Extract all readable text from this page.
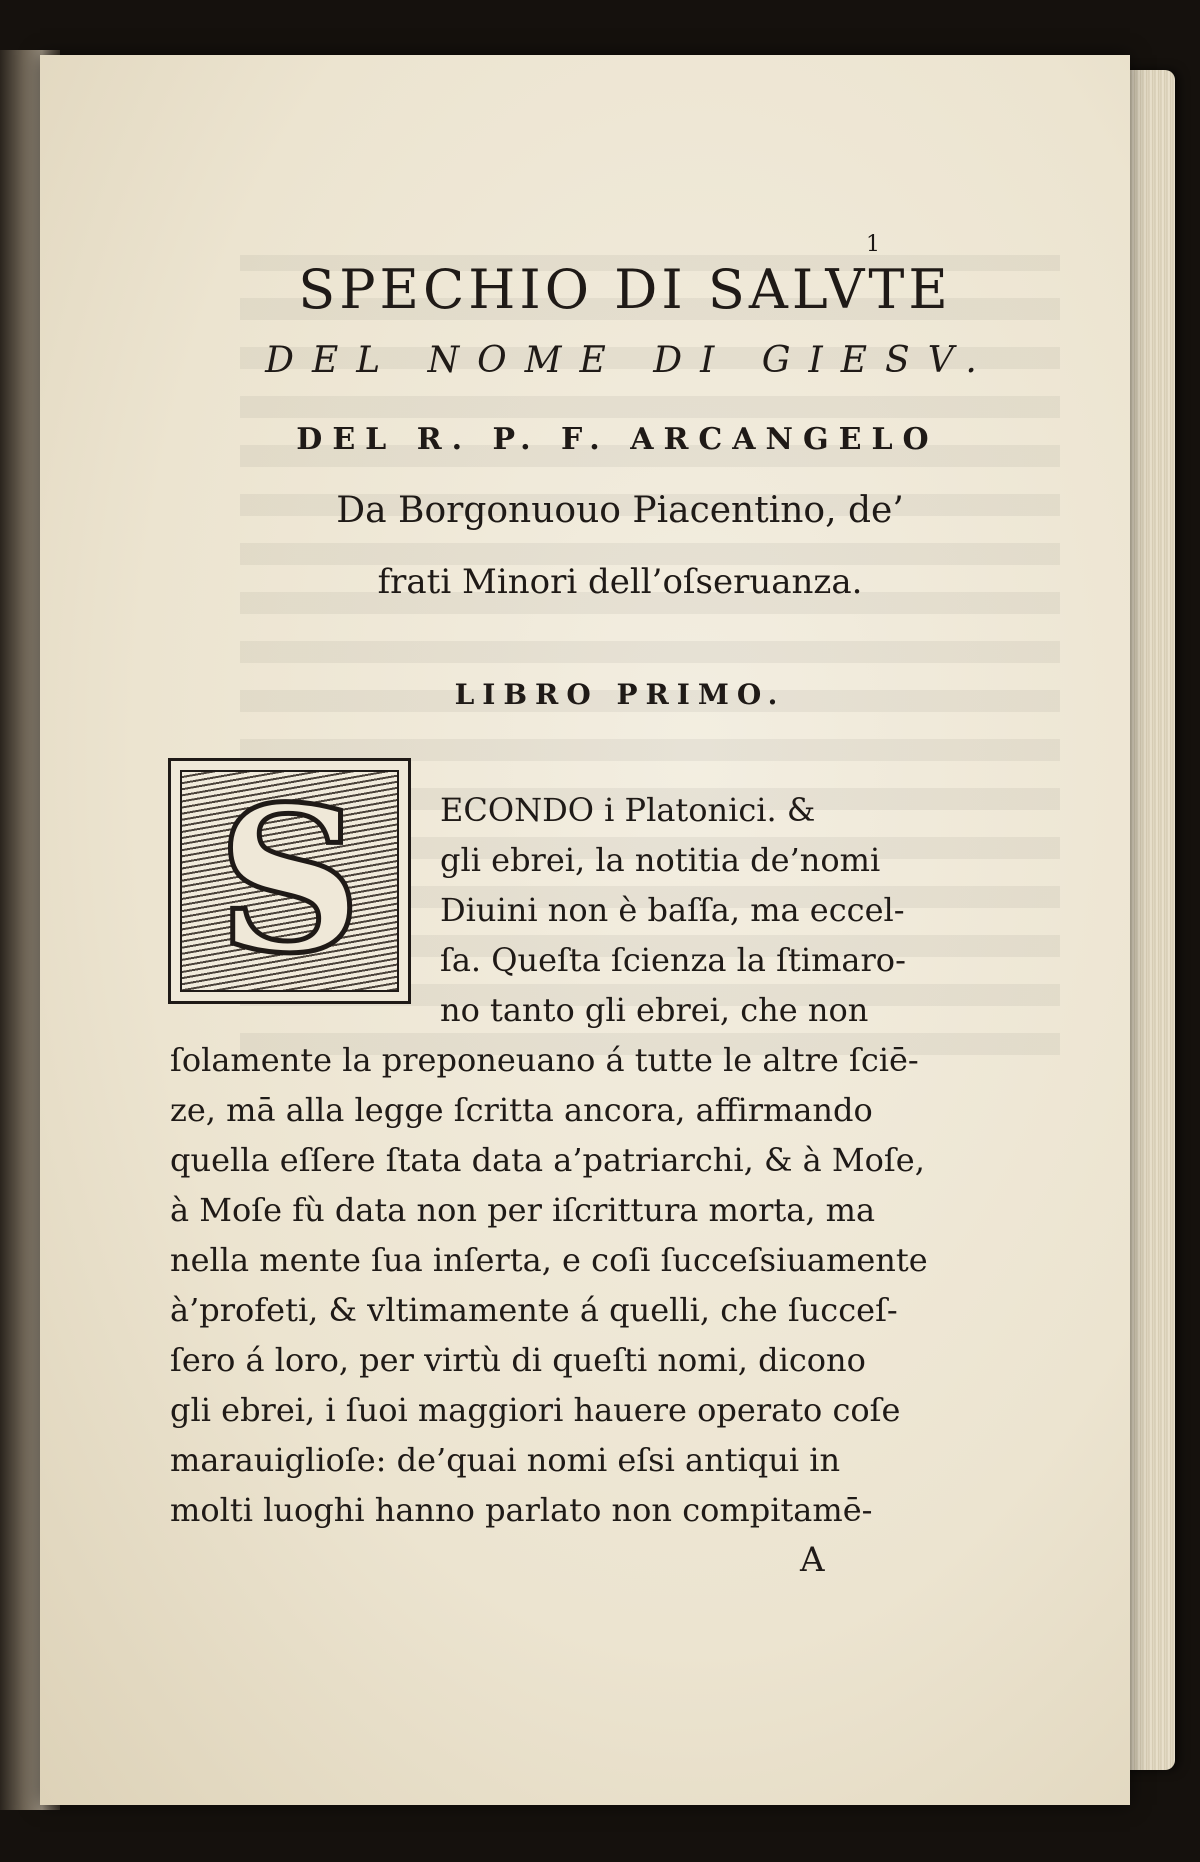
1
SPECHIO DI SALVTE
DEL NOME DI GIESV.
DEL R. P. F. ARCANGELO
Da Borgonuouo Piacentino, de’
frati Minori dell’oſseruanza.
LIBRO PRIMO.
S ECONDO i Platonici. &
gli ebrei, la notitia de’nomi
Diuini non è baſſa, ma eccel-
ſa. Queſta ſcienza la ſtimaro-
no tanto gli ebrei, che non
ſolamente la preponeuano á tutte le altre ſciē-
ze, mā alla legge ſcritta ancora, affirmando
quella eſſere ſtata data a’patriarchi, & à Moſe,
à Moſe fù data non per iſcrittura morta, ma
nella mente ſua inſerta, e coſi ſucceſsiuamente
à’profeti, & vltimamente á quelli, che ſucceſ-
ſero á loro, per virtù di queſti nomi, dicono
gli ebrei, i ſuoi maggiori hauere operato coſe
marauiglioſe: de’quai nomi eſsi antiqui in
molti luoghi hanno parlato non compitamē-
A
